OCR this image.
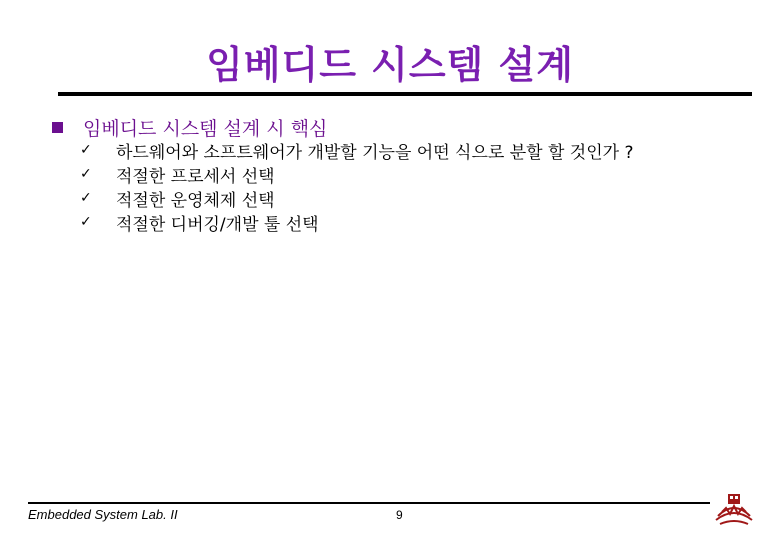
임베디드 시스템 설계
임베디드 시스템 설계 시 핵심
✓	하드웨어와 소프트웨어가 개발할 기능을 어떤 식으로 분할 할 것인가 ?
✓	적절한 프로세서 선택
✓	적절한 운영체제 선택
✓	적절한 디버깅/개발 툴 선택
Embedded System Lab. II	9
